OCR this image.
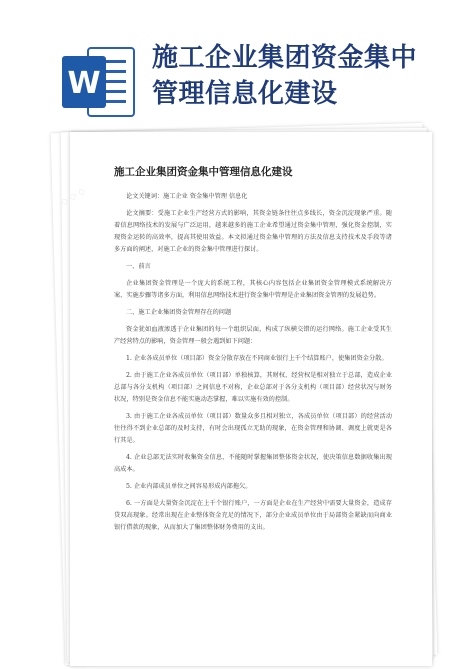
W
施工企业集团资金集中
管理信息化建设
◇ ◇ ◇
施工企业集团资金集中管理信息化建设

论文关键词：施工企业 资金集中管理 信息化

论文摘要：受施工企业生产经营方式的影响，其资金链条往往点多线长，资金沉淀现象严重。随着信息网络技术的发展与广泛运用，越来越多的施工企业希望通过资金集中管理，强化资金控制，实现资金运转的高效率，提高其使用效益。本文拟通过资金集中管理的方法及信息支持技术及手段等诸多方面的阐述，对施工企业的资金集中管理进行探讨。

一、前言

企业集团资金管理是一个庞大的系统工程，其核心内容包括企业集团资金管理模式系统解决方案、实施步骤等诸多方面，利用信息网络技术进行资金集中管理是企业集团资金管理的发展趋势。

二、施工企业集团资金管理存在的问题

资金犹如血液渗透于企业集团的每一个组织层面，构成了纵横交错的运行网络。施工企业受其生产经营特点的影响，资金管理一般会遇到如下问题：

1. 企业各成员单位（项目部）资金分散存放在不同商业银行上千个结算账户，使集团资金分散。

2. 由于施工企业各成员单位（项目部）单独核算，其财权、经营权是相对独立于总部，造成企业总部与各分支机构（项目部）之间信息不对称，企业总部对于各分支机构（项目部）经营状况与财务状况，特别是资金信息不能实施动态掌握，难以实施有效的控制。

3. 由于施工企业各成员单位（项目部）数量众多且相对独立，各成员单位（项目部）的经营活动往往得不到企业总部的及时支持，有时会出现孤立无助的现象，在资金管理和协调、调度上就更是各行其是。

4. 企业总部无法实时收集资金信息，不能随时掌握集团整体资金状况，使决策信息数据收集出现高成本。

5. 企业内部成员单位之间容易形成内部拖欠。

6. 一方面是大量资金沉淀在上千个银行账户，一方面是企业在生产经营中需要大量资金，造成存贷双高现象。经常出现在企业整体资金充足的情况下，部分企业成员单位由于局部资金紧缺而向商业银行借款的现象，从而加大了集团整体财务费用的支出。
